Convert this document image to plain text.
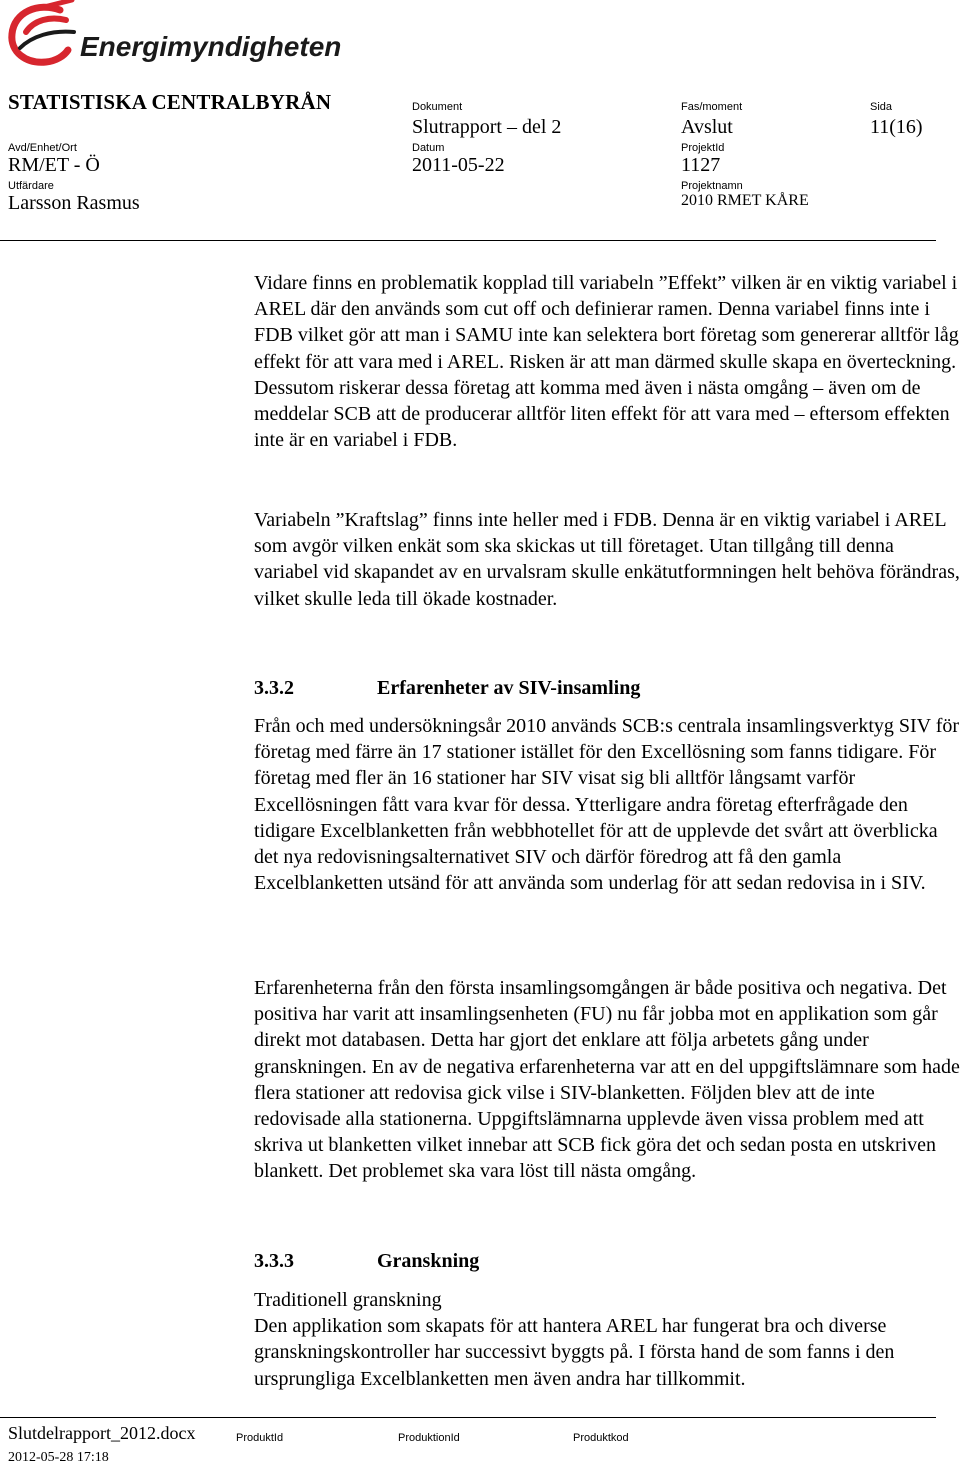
Energimyndigheten
STATISTISKA CENTRALBYRÅN
Avd/Enhet/Ort
RM/ET - Ö
Utfärdare
Larsson Rasmus
Dokument
Slutrapport – del 2
Datum
2011-05-22
Fas/moment
Avslut
ProjektId
1127
Projektnamn
2010 RMET KÅRE
Sida
11(16)

Vidare finns en problematik kopplad till variabeln ”Effekt” vilken är en viktig variabel i AREL där den används som cut off och definierar ramen. Denna variabel finns inte i FDB vilket gör att man i SAMU inte kan selektera bort företag som genererar alltför låg effekt för att vara med i AREL. Risken är att man därmed skulle skapa en överteckning. Dessutom riskerar dessa företag att komma med även i nästa omgång – även om de meddelar SCB att de producerar alltför liten effekt för att vara med – eftersom effekten inte är en variabel i FDB.

Variabeln ”Kraftslag” finns inte heller med i FDB. Denna är en viktig variabel i AREL som avgör vilken enkät som ska skickas ut till företaget. Utan tillgång till denna variabel vid skapandet av en urvalsram skulle enkätutformningen helt behöva förändras, vilket skulle leda till ökade kostnader.

3.3.2	Erfarenheter av SIV-insamling

Från och med undersökningsår 2010 används SCB:s centrala insamlingsverktyg SIV för företag med färre än 17 stationer istället för den Excellösning som fanns tidigare. För företag med fler än 16 stationer har SIV visat sig bli alltför långsamt varför Excellösningen fått vara kvar för dessa. Ytterligare andra företag efterfrågade den tidigare Excelblanketten från webbhotellet för att de upplevde det svårt att överblicka det nya redovisningsalternativet SIV och därför föredrog att få den gamla Excelblanketten utsänd för att använda som underlag för att sedan redovisa in i SIV.

Erfarenheterna från den första insamlingsomgången är både positiva och negativa. Det positiva har varit att insamlingsenheten (FU) nu får jobba mot en applikation som går direkt mot databasen. Detta har gjort det enklare att följa arbetets gång under granskningen. En av de negativa erfarenheterna var att en del uppgiftslämnare som hade flera stationer att redovisa gick vilse i SIV-blanketten. Följden blev att de inte redovisade alla stationerna. Uppgiftslämnarna upplevde även vissa problem med att skriva ut blanketten vilket innebar att SCB fick göra det och sedan posta en utskriven blankett. Det problemet ska vara löst till nästa omgång.

3.3.3	Granskning

Traditionell granskning

Den applikation som skapats för att hantera AREL har fungerat bra och diverse granskningskontroller har successivt byggts på. I första hand de som fanns i den ursprungliga Excelblanketten men även andra har tillkommit.

Slutdelrapport_2012.docx
2012-05-28 17:18
ProduktId	ProduktionId	Produktkod
